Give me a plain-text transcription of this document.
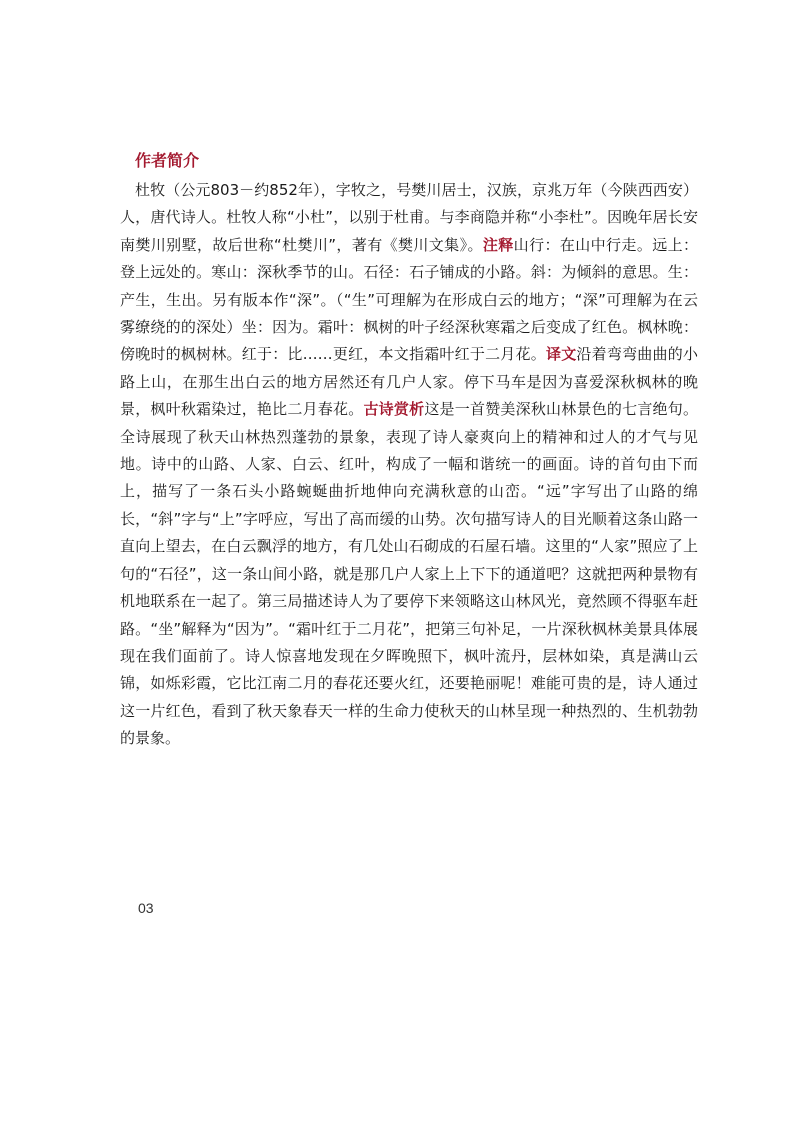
作者简介

杜牧（公元803－约852年），字牧之，号樊川居士，汉族，京兆万年（今陕西西安）人，唐代诗人。杜牧人称“小杜”，以别于杜甫。与李商隐并称“小李杜”。因晚年居长安南樊川别墅，故后世称“杜樊川”，著有《樊川文集》。注释山行：在山中行走。远上：登上远处的。寒山：深秋季节的山。石径：石子铺成的小路。斜：为倾斜的意思。生：产生，生出。另有版本作“深”。（“生”可理解为在形成白云的地方；“深”可理解为在云雾缭绕的的深处）坐：因为。霜叶：枫树的叶子经深秋寒霜之后变成了红色。枫林晚：傍晚时的枫树林。红于：比……更红，本文指霜叶红于二月花。译文沿着弯弯曲曲的小路上山，在那生出白云的地方居然还有几户人家。停下马车是因为喜爱深秋枫林的晚景，枫叶秋霜染过，艳比二月春花。古诗赏析这是一首赞美深秋山林景色的七言绝句。全诗展现了秋天山林热烈蓬勃的景象，表现了诗人豪爽向上的精神和过人的才气与见地。诗中的山路、人家、白云、红叶，构成了一幅和谐统一的画面。诗的首句由下而上，描写了一条石头小路蜿蜒曲折地伸向充满秋意的山峦。“远”字写出了山路的绵长，“斜”字与“上”字呼应，写出了高而缓的山势。次句描写诗人的目光顺着这条山路一直向上望去，在白云飘浮的地方，有几处山石砌成的石屋石墙。这里的“人家”照应了上句的“石径”，这一条山间小路，就是那几户人家上上下下的通道吧？这就把两种景物有机地联系在一起了。第三局描述诗人为了要停下来领略这山林风光，竟然顾不得驱车赶路。“坐”解释为“因为”。“霜叶红于二月花”，把第三句补足，一片深秋枫林美景具体展现在我们面前了。诗人惊喜地发现在夕晖晚照下，枫叶流丹，层林如染，真是满山云锦，如烁彩霞，它比江南二月的春花还要火红，还要艳丽呢！难能可贵的是，诗人通过这一片红色，看到了秋天象春天一样的生命力使秋天的山林呈现一种热烈的、生机勃勃的景象。

03
